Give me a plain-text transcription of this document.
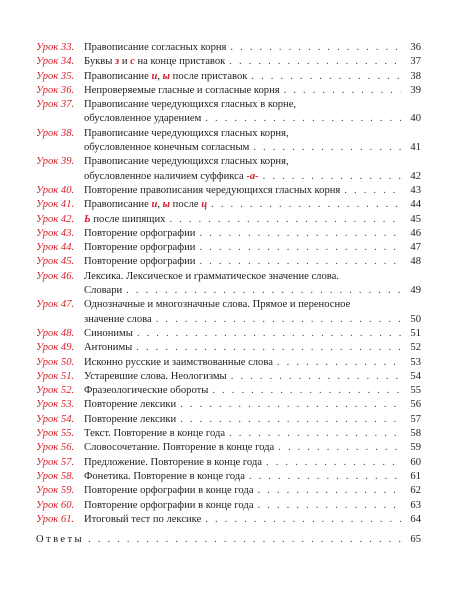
Урок 33. Правописание согласных корня . . .	36
Урок 34. Буквы з и с на конце приставок . . .	37
Урок 35. Правописание и, ы после приставок . . .	38
Урок 36. Непроверяемые гласные и согласные корня . . .	39
Урок 37. Правописание чередующихся гласных в корне,
обусловленное ударением . . .	40
Урок 38. Правописание чередующихся гласных корня,
обусловленное конечным согласным . . .	41
Урок 39. Правописание чередующихся гласных корня,
обусловленное наличием суффикса -а- . . .	42
Урок 40. Повторение правописания чередующихся гласных корня . . .	43
Урок 41. Правописание и, ы после ц . . .	44
Урок 42. Ь после шипящих . . .	45
Урок 43. Повторение орфографии . . .	46
Урок 44. Повторение орфографии . . .	47
Урок 45. Повторение орфографии . . .	48
Урок 46. Лексика. Лексическое и грамматическое значение слова.
Словари . . .	49
Урок 47. Однозначные и многозначные слова. Прямое и переносное
значение слова . . .	50
Урок 48. Синонимы . . .	51
Урок 49. Антонимы . . .	52
Урок 50. Исконно русские и заимствованные слова . . .	53
Урок 51. Устаревшие слова. Неологизмы . . .	54
Урок 52. Фразеологические обороты . . .	55
Урок 53. Повторение лексики . . .	56
Урок 54. Повторение лексики . . .	57
Урок 55. Текст. Повторение в конце года . . .	58
Урок 56. Словосочетание. Повторение в конце года . . .	59
Урок 57. Предложение. Повторение в конце года . . .	60
Урок 58. Фонетика. Повторение в конце года . . .	61
Урок 59. Повторение орфографии в конце года . . .	62
Урок 60. Повторение орфографии в конце года . . .	63
Урок 61. Итоговый тест по лексике . . .	64
Ответы . . .	65
